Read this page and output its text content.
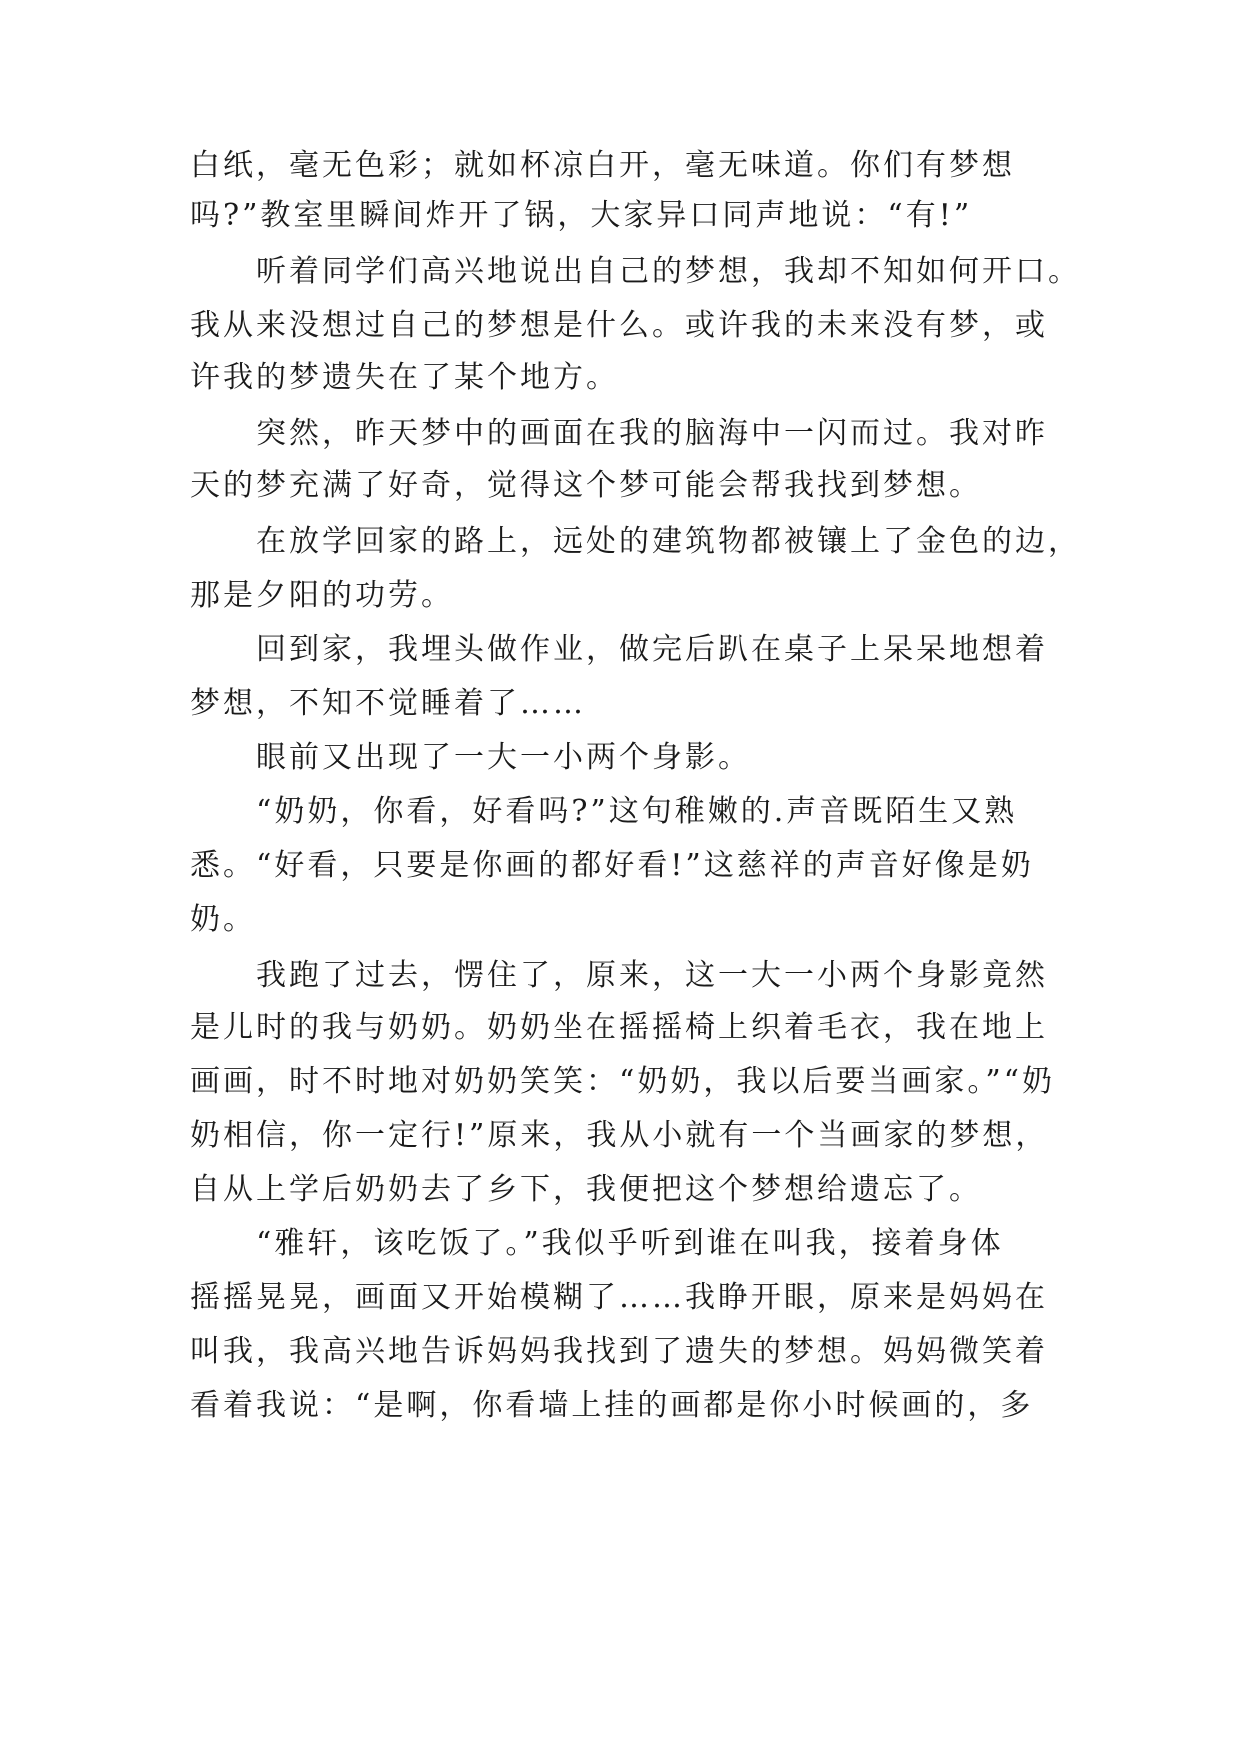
白纸，毫无色彩；就如杯凉白开，毫无味道。你们有梦想
吗?”教室里瞬间炸开了锅，大家异口同声地说：“有!”
听着同学们高兴地说出自己的梦想，我却不知如何开口。
我从来没想过自己的梦想是什么。或许我的未来没有梦，或
许我的梦遗失在了某个地方。
突然，昨天梦中的画面在我的脑海中一闪而过。我对昨
天的梦充满了好奇，觉得这个梦可能会帮我找到梦想。
在放学回家的路上，远处的建筑物都被镶上了金色的边，
那是夕阳的功劳。
回到家，我埋头做作业，做完后趴在桌子上呆呆地想着
梦想，不知不觉睡着了……
眼前又出现了一大一小两个身影。
“奶奶，你看，好看吗?”这句稚嫩的.声音既陌生又熟
悉。“好看，只要是你画的都好看!”这慈祥的声音好像是奶
奶。
我跑了过去，愣住了，原来，这一大一小两个身影竟然
是儿时的我与奶奶。奶奶坐在摇摇椅上织着毛衣，我在地上
画画，时不时地对奶奶笑笑：“奶奶，我以后要当画家。”“奶
奶相信，你一定行!”原来，我从小就有一个当画家的梦想，
自从上学后奶奶去了乡下，我便把这个梦想给遗忘了。
“雅轩，该吃饭了。”我似乎听到谁在叫我，接着身体
摇摇晃晃，画面又开始模糊了……我睁开眼，原来是妈妈在
叫我，我高兴地告诉妈妈我找到了遗失的梦想。妈妈微笑着
看着我说：“是啊，你看墙上挂的画都是你小时候画的，多
